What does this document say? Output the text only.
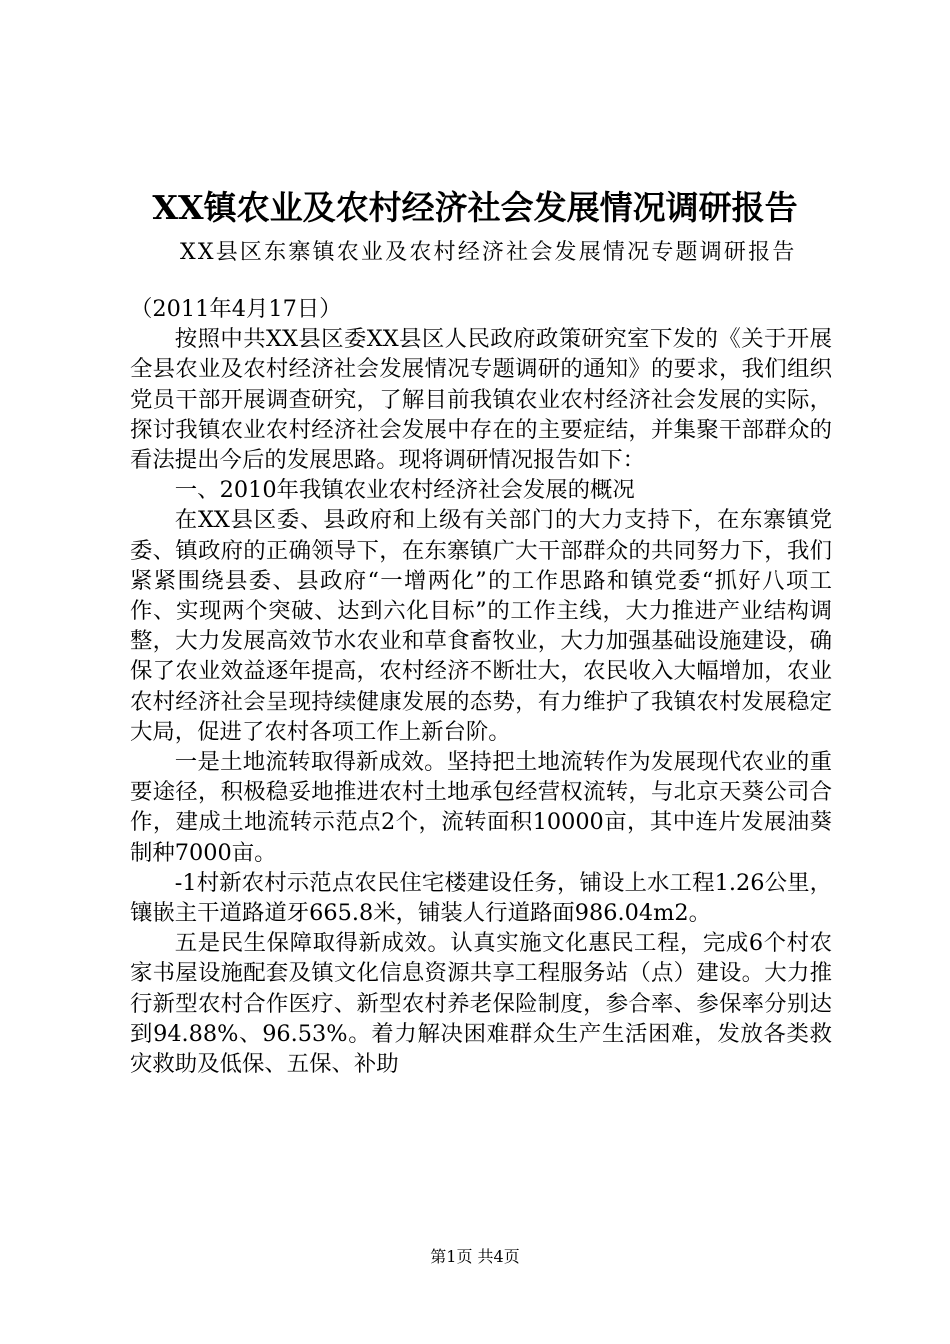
XX镇农业及农村经济社会发展情况调研报告
XX县区东寨镇农业及农村经济社会发展情况专题调研报告

（2011年4月17日）

按照中共XX县区委XX县区人民政府政策研究室下发的《关于开展全县农业及农村经济社会发展情况专题调研的通知》的要求，我们组织党员干部开展调查研究，了解目前我镇农业农村经济社会发展的实际，探讨我镇农业农村经济社会发展中存在的主要症结，并集聚干部群众的看法提出今后的发展思路。现将调研情况报告如下：

一、2010年我镇农业农村经济社会发展的概况

在XX县区委、县政府和上级有关部门的大力支持下，在东寨镇党委、镇政府的正确领导下，在东寨镇广大干部群众的共同努力下，我们紧紧围绕县委、县政府“一增两化”的工作思路和镇党委“抓好八项工作、实现两个突破、达到六化目标”的工作主线，大力推进产业结构调整，大力发展高效节水农业和草食畜牧业，大力加强基础设施建设，确保了农业效益逐年提高，农村经济不断壮大，农民收入大幅增加，农业农村经济社会呈现持续健康发展的态势，有力维护了我镇农村发展稳定大局，促进了农村各项工作上新台阶。

一是土地流转取得新成效。坚持把土地流转作为发展现代农业的重要途径，积极稳妥地推进农村土地承包经营权流转，与北京天葵公司合作，建成土地流转示范点2个，流转面积10000亩，其中连片发展油葵制种7000亩。

-1村新农村示范点农民住宅楼建设任务，铺设上水工程1.26公里，镶嵌主干道路道牙665.8米，铺装人行道路面986.04m2。

五是民生保障取得新成效。认真实施文化惠民工程，完成6个村农家书屋设施配套及镇文化信息资源共享工程服务站（点）建设。大力推行新型农村合作医疗、新型农村养老保险制度，参合率、参保率分别达到94.88%、96.53%。着力解决困难群众生产生活困难，发放各类救灾救助及低保、五保、补助

第1页 共4页
